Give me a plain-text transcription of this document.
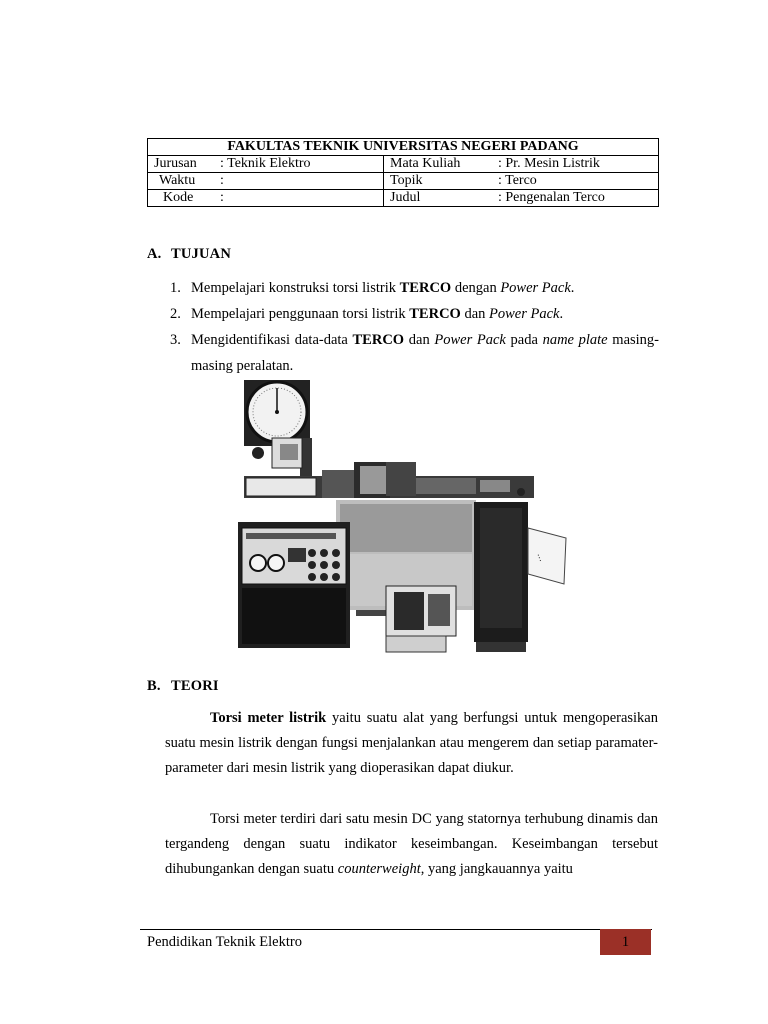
FAKULTAS TEKNIK UNIVERSITAS NEGERI PADANG	

Jurusan : Teknik Elektro	Mata Kuliah : Pr. Mesin Listrik

Waktu :	Topik : Terco

Kode :	Judul : Pengenalan Terco
A. TUJUAN
1. Mempelajari konstruksi torsi listrik TERCO dengan Power Pack.
2. Mempelajari penggunaan torsi listrik TERCO dan Power Pack.
3. Mengidentifikasi data-data TERCO dan Power Pack pada name plate masing-masing peralatan.
...
B. TEORI
Torsi meter listrik yaitu suatu alat yang berfungsi untuk mengoperasikan suatu mesin listrik dengan fungsi menjalankan atau mengerem dan setiap paramater-parameter dari mesin listrik yang dioperasikan dapat diukur.
Torsi meter terdiri dari satu mesin DC yang statornya terhubung dinamis dan tergandeng dengan suatu indikator keseimbangan. Keseimbangan tersebut dihubungankan dengan suatu counterweight, yang jangkauannya yaitu
Pendidikan Teknik Elektro	1
